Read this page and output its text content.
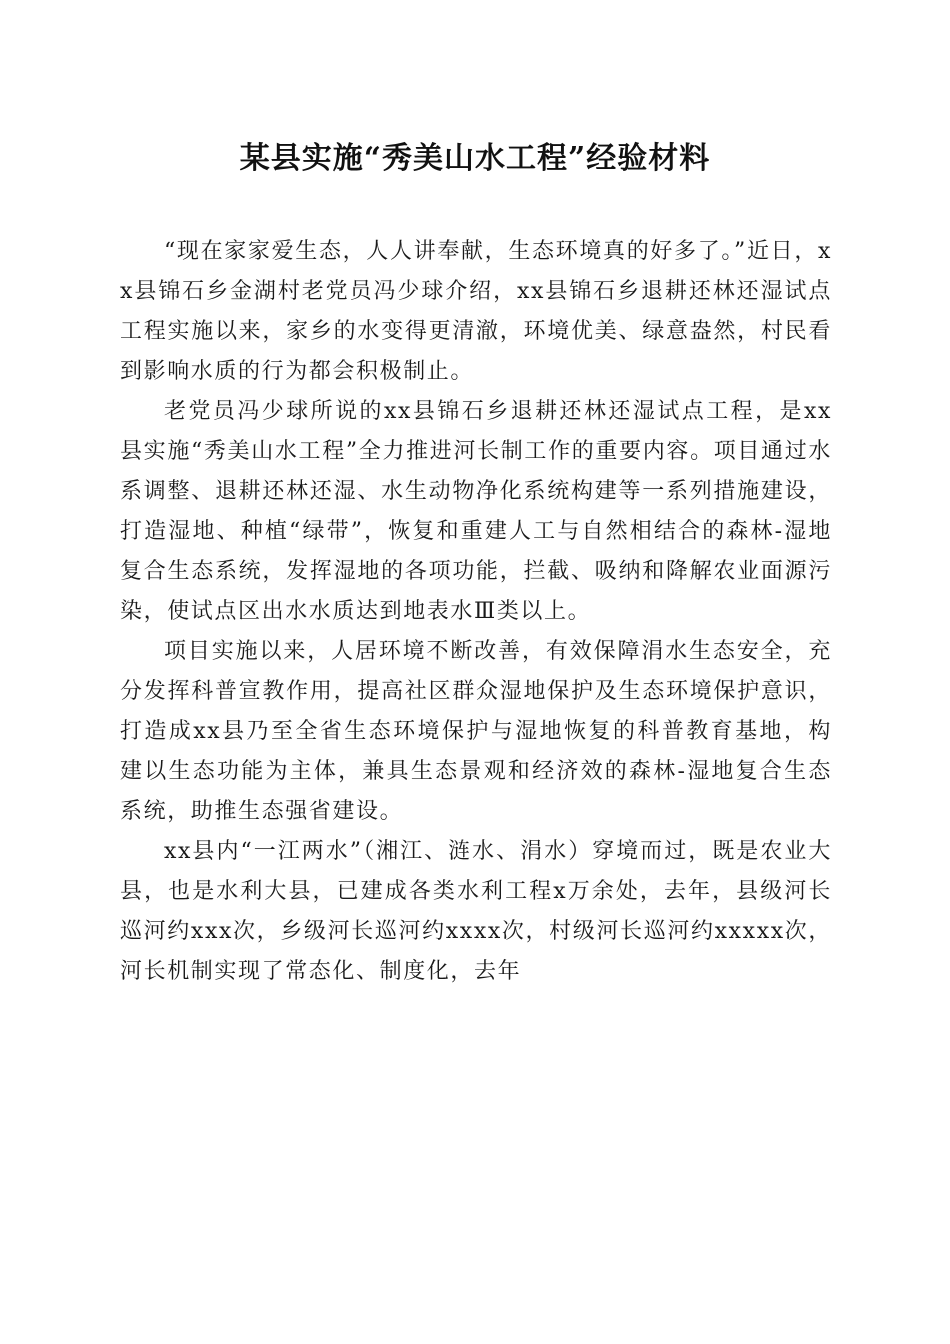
某县实施“秀美山水工程”经验材料

“现在家家爱生态，人人讲奉献，生态环境真的好多了。”近日，xx县锦石乡金湖村老党员冯少球介绍，xx县锦石乡退耕还林还湿试点工程实施以来，家乡的水变得更清澈，环境优美、绿意盎然，村民看到影响水质的行为都会积极制止。

老党员冯少球所说的xx县锦石乡退耕还林还湿试点工程，是xx县实施“秀美山水工程”全力推进河长制工作的重要内容。项目通过水系调整、退耕还林还湿、水生动物净化系统构建等一系列措施建设，打造湿地、种植“绿带”，恢复和重建人工与自然相结合的森林-湿地复合生态系统，发挥湿地的各项功能，拦截、吸纳和降解农业面源污染，使试点区出水水质达到地表水Ⅲ类以上。

项目实施以来，人居环境不断改善，有效保障涓水生态安全，充分发挥科普宣教作用，提高社区群众湿地保护及生态环境保护意识，打造成xx县乃至全省生态环境保护与湿地恢复的科普教育基地，构建以生态功能为主体，兼具生态景观和经济效的森林-湿地复合生态系统，助推生态强省建设。

xx县内“一江两水”（湘江、涟水、涓水）穿境而过，既是农业大县，也是水利大县，已建成各类水利工程x万余处，去年，县级河长巡河约xxx次，乡级河长巡河约xxxx次，村级河长巡河约xxxxx次，河长机制实现了常态化、制度化，去年
